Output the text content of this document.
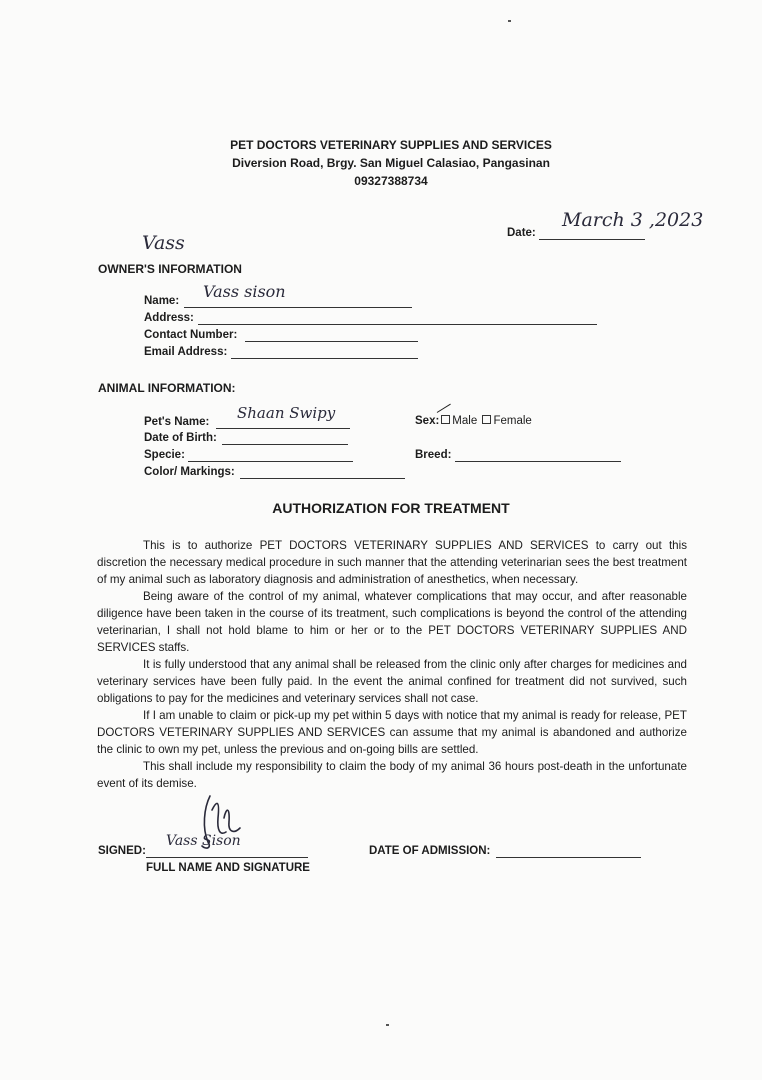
PET DOCTORS VETERINARY SUPPLIES AND SERVICES
Diversion Road, Brgy. San Miguel Calasiao, Pangasinan
09327388734
Date:
March 3 ,2023
Vass
OWNER'S INFORMATION
Name: Vass sison
Address:
Contact Number:
Email Address:
ANIMAL INFORMATION:
Pet's Name: Shaan Swipy	Sex: Male Female
Date of Birth:
Specie:	Breed:
Color/ Markings:
AUTHORIZATION FOR TREATMENT

This is to authorize PET DOCTORS VETERINARY SUPPLIES AND SERVICES to carry out this discretion the necessary medical procedure in such manner that the attending veterinarian sees the best treatment of my animal such as laboratory diagnosis and administration of anesthetics, when necessary.

Being aware of the control of my animal, whatever complications that may occur, and after reasonable diligence have been taken in the course of its treatment, such complications is beyond the control of the attending veterinarian, I shall not hold blame to him or her or to the PET DOCTORS VETERINARY SUPPLIES AND SERVICES staffs.

It is fully understood that any animal shall be released from the clinic only after charges for medicines and veterinary services have been fully paid. In the event the animal confined for treatment did not survived, such obligations to pay for the medicines and veterinary services shall not case.

If I am unable to claim or pick-up my pet within 5 days with notice that my animal is ready for release, PET DOCTORS VETERINARY SUPPLIES AND SERVICES can assume that my animal is abandoned and authorize the clinic to own my pet, unless the previous and on-going bills are settled.

This shall include my responsibility to claim the body of my animal 36 hours post-death in the unfortunate event of its demise.

SIGNED:
Vass Sison
FULL NAME AND SIGNATURE
DATE OF ADMISSION:
